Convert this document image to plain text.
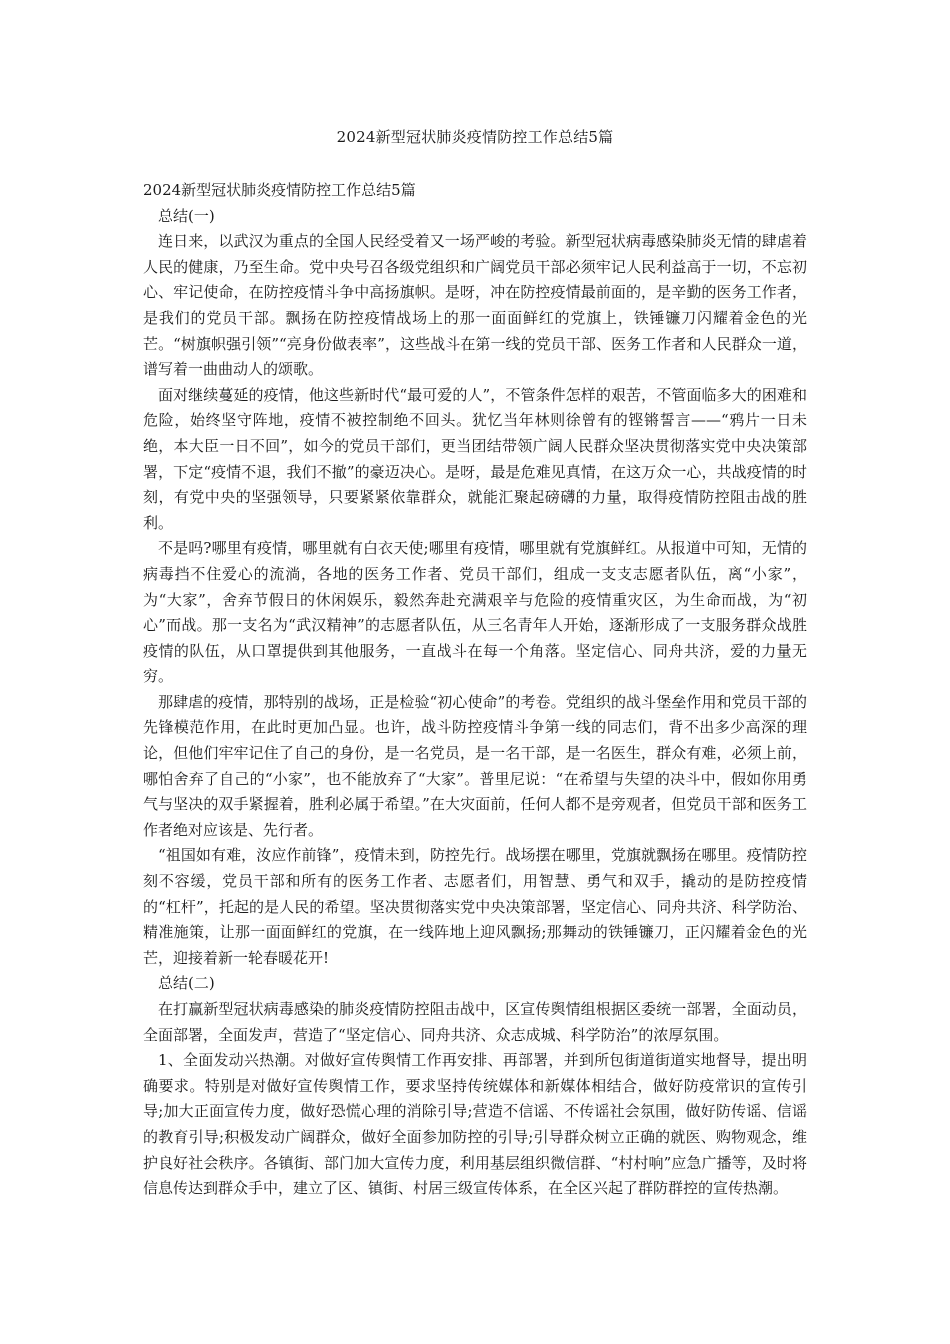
2024新型冠状肺炎疫情防控工作总结5篇

2024新型冠状肺炎疫情防控工作总结5篇

总结(一)

连日来，以武汉为重点的全国人民经受着又一场严峻的考验。新型冠状病毒感染肺炎无情的肆虐着人民的健康，乃至生命。党中央号召各级党组织和广阔党员干部必须牢记人民利益高于一切，不忘初心、牢记使命，在防控疫情斗争中高扬旗帜。是呀，冲在防控疫情最前面的，是辛勤的医务工作者，是我们的党员干部。飘扬在防控疫情战场上的那一面面鲜红的党旗上，铁锤镰刀闪耀着金色的光芒。“树旗帜强引领”“亮身份做表率”，这些战斗在第一线的党员干部、医务工作者和人民群众一道，谱写着一曲曲动人的颂歌。

面对继续蔓延的疫情，他这些新时代“最可爱的人”，不管条件怎样的艰苦，不管面临多大的困难和危险，始终坚守阵地，疫情不被控制绝不回头。犹忆当年林则徐曾有的铿锵誓言——“鸦片一日未绝，本大臣一日不回”，如今的党员干部们，更当团结带领广阔人民群众坚决贯彻落实党中央决策部署，下定“疫情不退，我们不撤”的豪迈决心。是呀，最是危难见真情，在这万众一心，共战疫情的时刻，有党中央的坚强领导，只要紧紧依靠群众，就能汇聚起磅礴的力量，取得疫情防控阻击战的胜利。

不是吗?哪里有疫情，哪里就有白衣天使;哪里有疫情，哪里就有党旗鲜红。从报道中可知，无情的病毒挡不住爱心的流淌，各地的医务工作者、党员干部们，组成一支支志愿者队伍，离“小家”，为“大家”，舍弃节假日的休闲娱乐，毅然奔赴充满艰辛与危险的疫情重灾区，为生命而战，为“初心”而战。那一支名为“武汉精神”的志愿者队伍，从三名青年人开始，逐渐形成了一支服务群众战胜疫情的队伍，从口罩提供到其他服务，一直战斗在每一个角落。坚定信心、同舟共济，爱的力量无穷。

那肆虐的疫情，那特别的战场，正是检验“初心使命”的考卷。党组织的战斗堡垒作用和党员干部的先锋模范作用，在此时更加凸显。也许，战斗防控疫情斗争第一线的同志们，背不出多少高深的理论，但他们牢牢记住了自己的身份，是一名党员，是一名干部，是一名医生，群众有难，必须上前，哪怕舍弃了自己的“小家”，也不能放弃了“大家”。普里尼说：“在希望与失望的决斗中，假如你用勇气与坚决的双手紧握着，胜利必属于希望。”在大灾面前，任何人都不是旁观者，但党员干部和医务工作者绝对应该是、先行者。

“祖国如有难，汝应作前锋”，疫情未到，防控先行。战场摆在哪里，党旗就飘扬在哪里。疫情防控刻不容缓，党员干部和所有的医务工作者、志愿者们，用智慧、勇气和双手，撬动的是防控疫情的“杠杆”，托起的是人民的希望。坚决贯彻落实党中央决策部署，坚定信心、同舟共济、科学防治、精准施策，让那一面面鲜红的党旗，在一线阵地上迎风飘扬;那舞动的铁锤镰刀，正闪耀着金色的光芒，迎接着新一轮春暖花开!

总结(二)

在打赢新型冠状病毒感染的肺炎疫情防控阻击战中，区宣传舆情组根据区委统一部署，全面动员，全面部署，全面发声，营造了“坚定信心、同舟共济、众志成城、科学防治”的浓厚氛围。

1、全面发动兴热潮。对做好宣传舆情工作再安排、再部署，并到所包街道街道实地督导，提出明确要求。特别是对做好宣传舆情工作，要求坚持传统媒体和新媒体相结合，做好防疫常识的宣传引导;加大正面宣传力度，做好恐慌心理的消除引导;营造不信谣、不传谣社会氛围，做好防传谣、信谣的教育引导;积极发动广阔群众，做好全面参加防控的引导;引导群众树立正确的就医、购物观念，维护良好社会秩序。各镇街、部门加大宣传力度，利用基层组织微信群、“村村响”应急广播等，及时将信息传达到群众手中，建立了区、镇街、村居三级宣传体系，在全区兴起了群防群控的宣传热潮。
